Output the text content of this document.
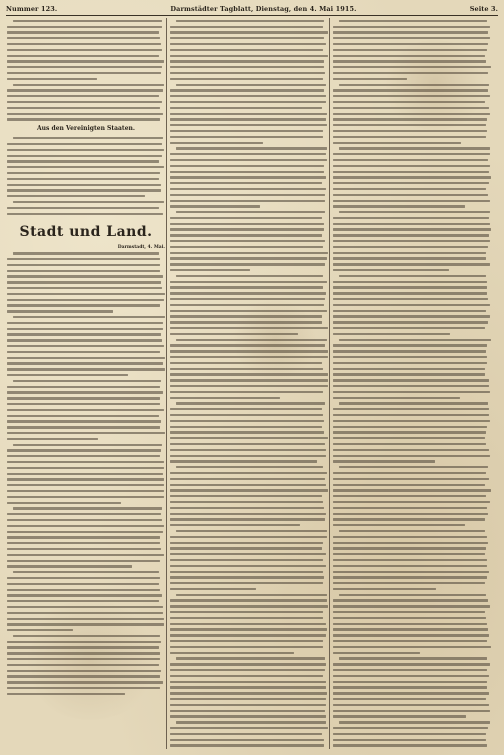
Nummer 123.	Darmstädter Tagblatt, Dienstag, den 4. Mai 1915.	Seite 3.
Aus den Vereinigten Staaten.
Stadt und Land.
Darmstadt, 4. Mai.
